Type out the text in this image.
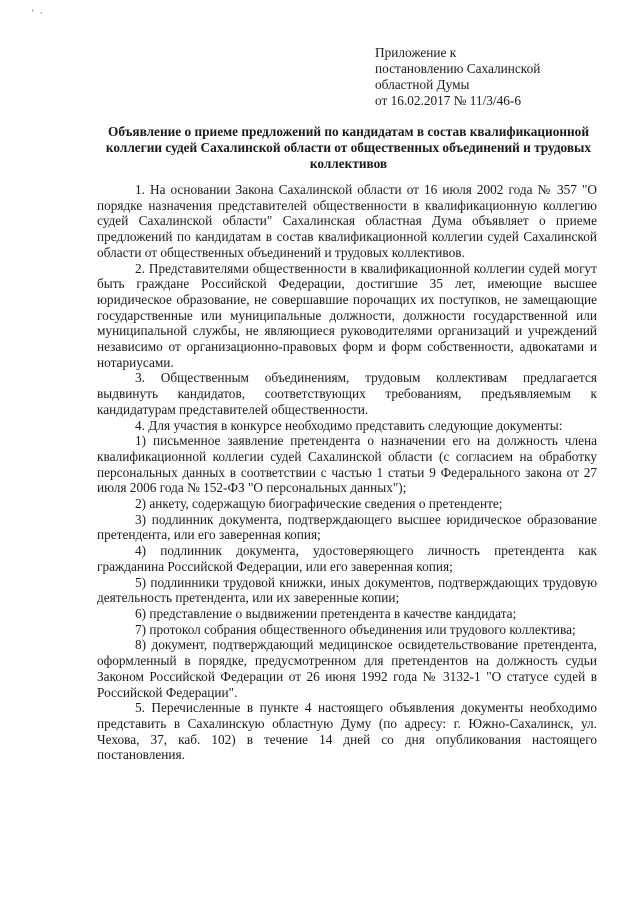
' ·
Приложение к
постановлению Сахалинской
областной Думы
от 16.02.2017 № 11/3/46-6
Объявление о приеме предложений по кандидатам в состав квалификационной коллегии судей Сахалинской области от общественных объединений и трудовых коллективов

1. На основании Закона Сахалинской области от 16 июля 2002 года № 357 "О порядке назначения представителей общественности в квалификационную коллегию судей Сахалинской области" Сахалинская областная Дума объявляет о приеме предложений по кандидатам в состав квалификационной коллегии судей Сахалинской области от общественных объединений и трудовых коллективов.

2. Представителями общественности в квалификационной коллегии судей могут быть граждане Российской Федерации, достигшие 35 лет, имеющие высшее юридическое образование, не совершавшие порочащих их поступков, не замещающие государственные или муниципальные должности, должности государственной или муниципальной службы, не являющиеся руководителями организаций и учреждений независимо от организационно-правовых форм и форм собственности, адвокатами и нотариусами.

3. Общественным объединениям, трудовым коллективам предлагается выдвинуть кандидатов, соответствующих требованиям, предъявляемым к кандидатурам представителей общественности.

4. Для участия в конкурсе необходимо представить следующие документы:

1) письменное заявление претендента о назначении его на должность члена квалификационной коллегии судей Сахалинской области (с согласием на обработку персональных данных в соответствии с частью 1 статьи 9 Федерального закона от 27 июля 2006 года № 152-ФЗ "О персональных данных");

2) анкету, содержащую биографические сведения о претенденте;

3) подлинник документа, подтверждающего высшее юридическое образование претендента, или его заверенная копия;

4) подлинник документа, удостоверяющего личность претендента как гражданина Российской Федерации, или его заверенная копия;

5) подлинники трудовой книжки, иных документов, подтверждающих трудовую деятельность претендента, или их заверенные копии;

6) представление о выдвижении претендента в качестве кандидата;

7) протокол собрания общественного объединения или трудового коллектива;

8) документ, подтверждающий медицинское освидетельствование претендента, оформленный в порядке, предусмотренном для претендентов на должность судьи Законом Российской Федерации от 26 июня 1992 года № 3132-1 "О статусе судей в Российской Федерации".

5. Перечисленные в пункте 4 настоящего объявления документы необходимо представить в Сахалинскую областную Думу (по адресу: г. Южно-Сахалинск, ул. Чехова, 37, каб. 102) в течение 14 дней со дня опубликования настоящего постановления.
